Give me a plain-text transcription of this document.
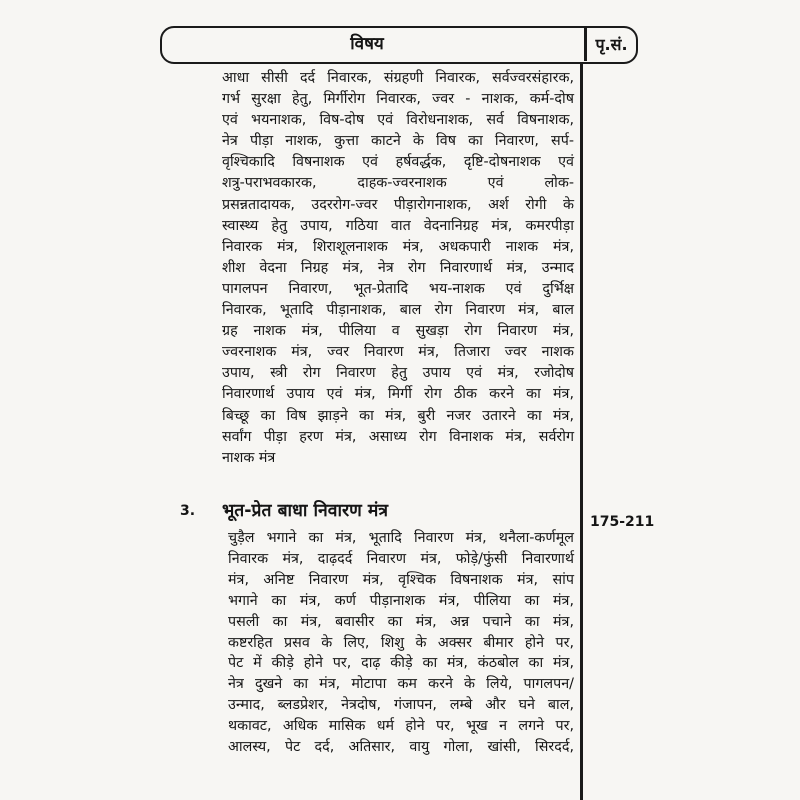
विषय	पृ.सं.
आधा सीसी दर्द निवारक, संग्रहणी निवारक, सर्वज्वरसंहारक,
गर्भ सुरक्षा हेतु, मिर्गीरोग निवारक, ज्वर - नाशक, कर्म-दोष
एवं भयनाशक, विष-दोष एवं विरोधनाशक, सर्व विषनाशक,
नेत्र पीड़ा नाशक, कुत्ता काटने के विष का निवारण, सर्प-
वृश्चिकादि विषनाशक एवं हर्षवर्द्धक, दृष्टि-दोषनाशक एवं
शत्रु-पराभवकारक, दाहक-ज्वरनाशक एवं लोक-
प्रसन्नतादायक, उदररोग-ज्वर पीड़ारोगनाशक, अर्श रोगी के
स्वास्थ्य हेतु उपाय, गठिया वात वेदनानिग्रह मंत्र, कमरपीड़ा
निवारक मंत्र, शिराशूलनाशक मंत्र, अधकपारी नाशक मंत्र,
शीश वेदना निग्रह मंत्र, नेत्र रोग निवारणार्थ मंत्र, उन्माद
पागलपन निवारण, भूत-प्रेतादि भय-नाशक एवं दुर्भिक्ष
निवारक, भूतादि पीड़ानाशक, बाल रोग निवारण मंत्र, बाल
ग्रह नाशक मंत्र, पीलिया व सुखड़ा रोग निवारण मंत्र,
ज्वरनाशक मंत्र, ज्वर निवारण मंत्र, तिजारा ज्वर नाशक
उपाय, स्त्री रोग निवारण हेतु उपाय एवं मंत्र, रजोदोष
निवारणार्थ उपाय एवं मंत्र, मिर्गी रोग ठीक करने का मंत्र,
बिच्छू का विष झाड़ने का मंत्र, बुरी नजर उतारने का मंत्र,
सर्वांग पीड़ा हरण मंत्र, असाध्य रोग विनाशक मंत्र, सर्वरोग
नाशक मंत्र
3. भूत-प्रेत बाधा निवारण मंत्र
175-211
चुड़ैल भगाने का मंत्र, भूतादि निवारण मंत्र, थनैला-कर्णमूल
निवारक मंत्र, दाढ़दर्द निवारण मंत्र, फोड़े/फुंसी निवारणार्थ
मंत्र, अनिष्ट निवारण मंत्र, वृश्चिक विषनाशक मंत्र, सांप
भगाने का मंत्र, कर्ण पीड़ानाशक मंत्र, पीलिया का मंत्र,
पसली का मंत्र, बवासीर का मंत्र, अन्न पचाने का मंत्र,
कष्टरहित प्रसव के लिए, शिशु के अक्सर बीमार होने पर,
पेट में कीड़े होने पर, दाढ़ कीड़े का मंत्र, कंठबोल का मंत्र,
नेत्र दुखने का मंत्र, मोटापा कम करने के लिये, पागलपन/
उन्माद, ब्लडप्रेशर, नेत्रदोष, गंजापन, लम्बे और घने बाल,
थकावट, अधिक मासिक धर्म होने पर, भूख न लगने पर,
आलस्य, पेट दर्द, अतिसार, वायु गोला, खांसी, सिरदर्द,
